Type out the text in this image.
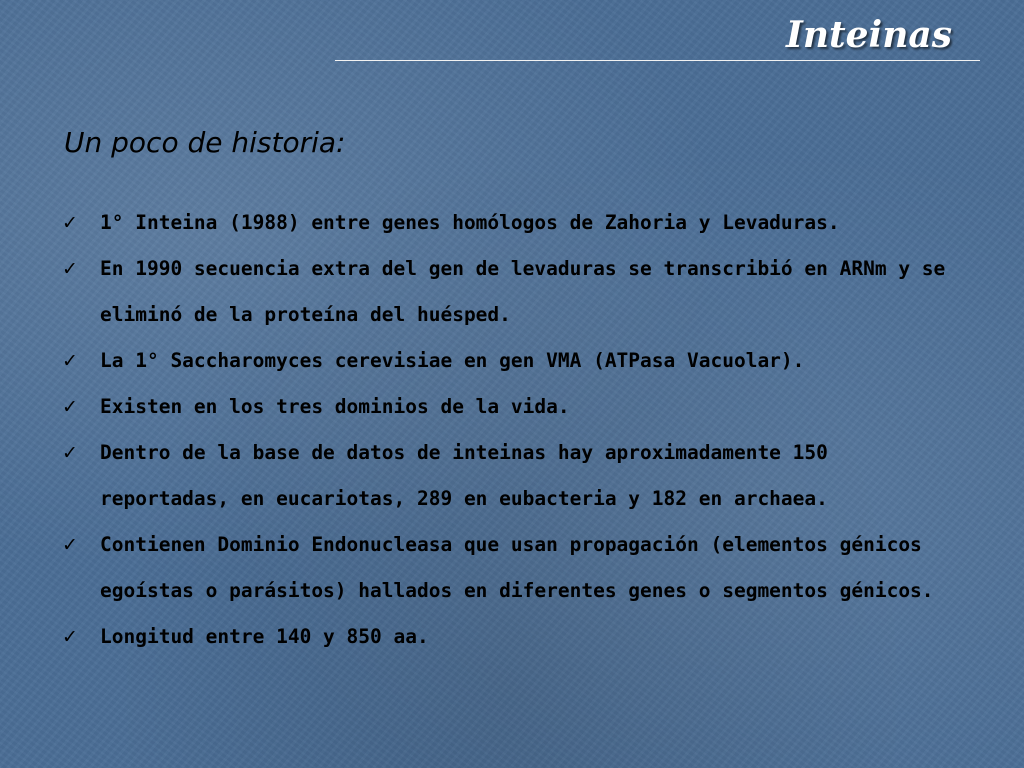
Inteinas
Un poco de historia:
✓	1° Inteina (1988) entre genes homólogos de Zahoria y Levaduras.
✓	En 1990 secuencia extra del gen de levaduras se transcribió en ARNm y se eliminó de la proteína del huésped.
✓	La 1° Saccharomyces cerevisiae en gen VMA (ATPasa Vacuolar).
✓	Existen en los tres dominios de la vida.
✓	Dentro de la base de datos de inteinas hay aproximadamente 150 reportadas, en eucariotas, 289 en eubacteria y 182 en archaea.
✓	Contienen Dominio Endonucleasa que usan propagación (elementos génicos egoístas o parásitos) hallados en diferentes genes o segmentos génicos.
✓	Longitud entre 140 y 850 aa.
